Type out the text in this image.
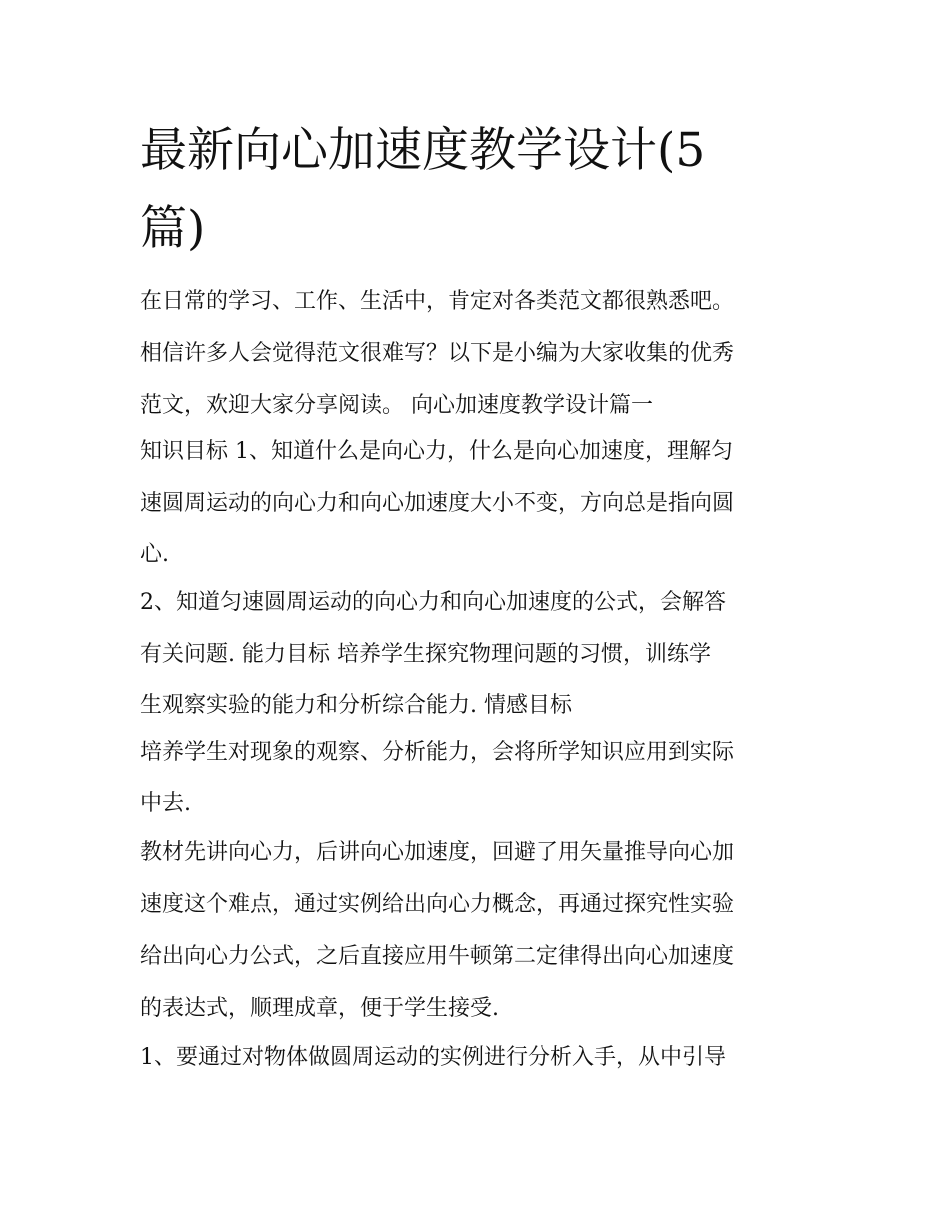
最新向心加速度教学设计(5
篇)
在日常的学习、工作、生活中，肯定对各类范文都很熟悉吧。
相信许多人会觉得范文很难写？以下是小编为大家收集的优秀
范文，欢迎大家分享阅读。 向心加速度教学设计篇一
知识目标 1、知道什么是向心力，什么是向心加速度，理解匀
速圆周运动的向心力和向心加速度大小不变，方向总是指向圆
心.
2、知道匀速圆周运动的向心力和向心加速度的公式，会解答
有关问题. 能力目标 培养学生探究物理问题的习惯，训练学
生观察实验的能力和分析综合能力. 情感目标
培养学生对现象的观察、分析能力，会将所学知识应用到实际
中去.
教材先讲向心力，后讲向心加速度，回避了用矢量推导向心加
速度这个难点，通过实例给出向心力概念，再通过探究性实验
给出向心力公式，之后直接应用牛顿第二定律得出向心加速度
的表达式，顺理成章，便于学生接受.
1、要通过对物体做圆周运动的实例进行分析入手，从中引导
